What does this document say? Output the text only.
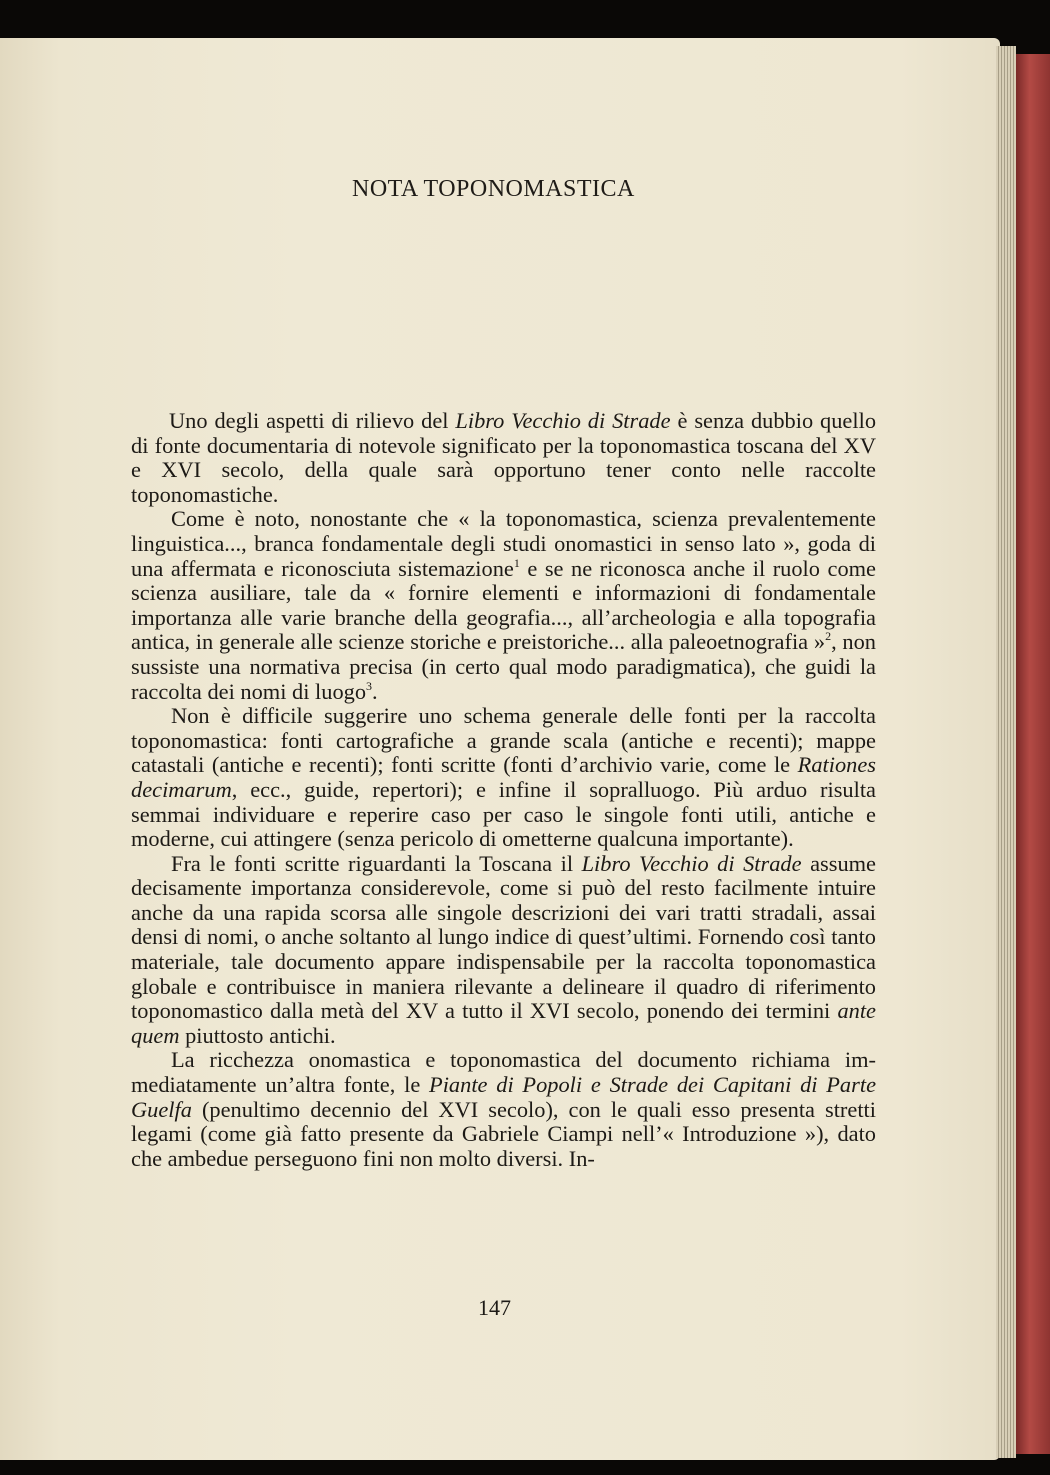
NOTA TOPONOMASTICA

Uno degli aspetti di rilievo del Libro Vecchio di Strade è senza dubbio quello di fonte documentaria di notevole significato per la toponomastica toscana del XV e XVI secolo, della quale sarà opportuno tener conto nelle raccolte toponomastiche.

Come è noto, nonostante che « la toponomastica, scienza prevalentemente linguistica..., branca fondamentale degli studi onomastici in senso lato », goda di una affermata e riconosciuta sistemazione$^1$ e se ne riconosca anche il ruolo come scienza ausiliare, tale da « fornire elementi e informazioni di fondamentale importanza alle varie branche della geografia..., all’archeologia e alla topografia antica, in generale alle scienze storiche e preistoriche... alla paleoetnografia »$^2$, non sussiste una normativa precisa (in certo qual modo paradigmatica), che guidi la raccolta dei nomi di luogo$^3$.

Non è difficile suggerire uno schema generale delle fonti per la raccolta toponomastica: fonti cartografiche a grande scala (antiche e recenti); mappe catastali (antiche e recenti); fonti scritte (fonti d’archivio varie, come le Rationes decimarum, ecc., guide, repertori); e infine il sopralluogo. Più arduo risulta semmai individuare e reperire caso per caso le singole fonti utili, antiche e moderne, cui attingere (senza pericolo di ometterne qualcuna importante).

Fra le fonti scritte riguardanti la Toscana il Libro Vecchio di Strade assume decisamente importanza considerevole, come si può del resto facilmente intuire anche da una rapida scorsa alle singole descrizioni dei vari tratti stradali, assai densi di nomi, o anche soltanto al lungo indice di quest’ultimi. Fornendo così tanto materiale, tale documento appare indispensabile per la raccolta toponomastica globale e contribuisce in maniera rilevante a delineare il quadro di riferimento toponomastico dalla metà del XV a tutto il XVI secolo, ponendo dei termini ante quem piuttosto antichi.

La ricchezza onomastica e toponomastica del documento richiama immediatamente un’altra fonte, le Piante di Popoli e Strade dei Capitani di Parte Guelfa (penultimo decennio del XVI secolo), con le quali esso presenta stretti legami (come già fatto presente da Gabriele Ciampi nell’« Introduzione »), dato che ambedue perseguono fini non molto diversi. In-

147
